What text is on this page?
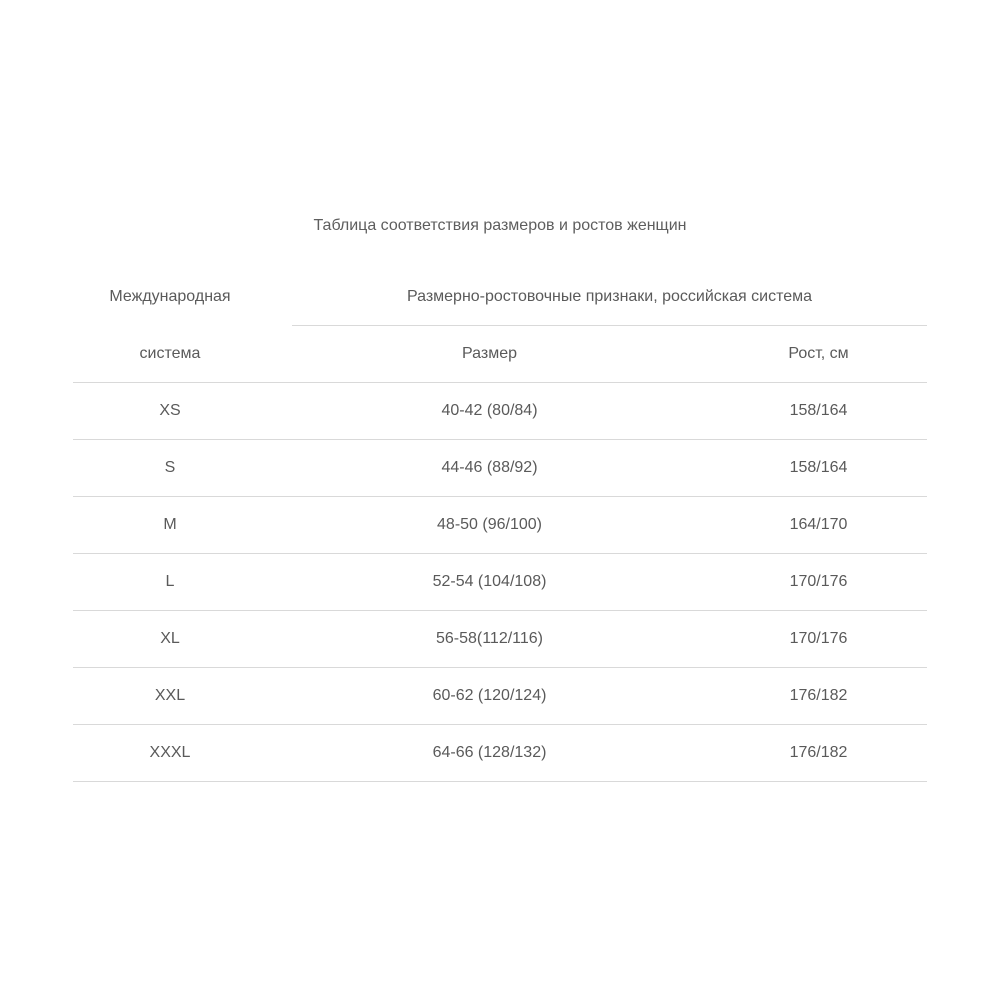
Таблица соответствия размеров и ростов женщин
Международная	Размерно-ростовочные признаки, российская система
система	Размер	Рост, см
XS	40-42 (80/84)	158/164
S	44-46 (88/92)	158/164
M	48-50 (96/100)	164/170
L	52-54 (104/108)	170/176
XL	56-58(112/116)	170/176
XXL	60-62 (120/124)	176/182
XXXL	64-66 (128/132)	176/182
